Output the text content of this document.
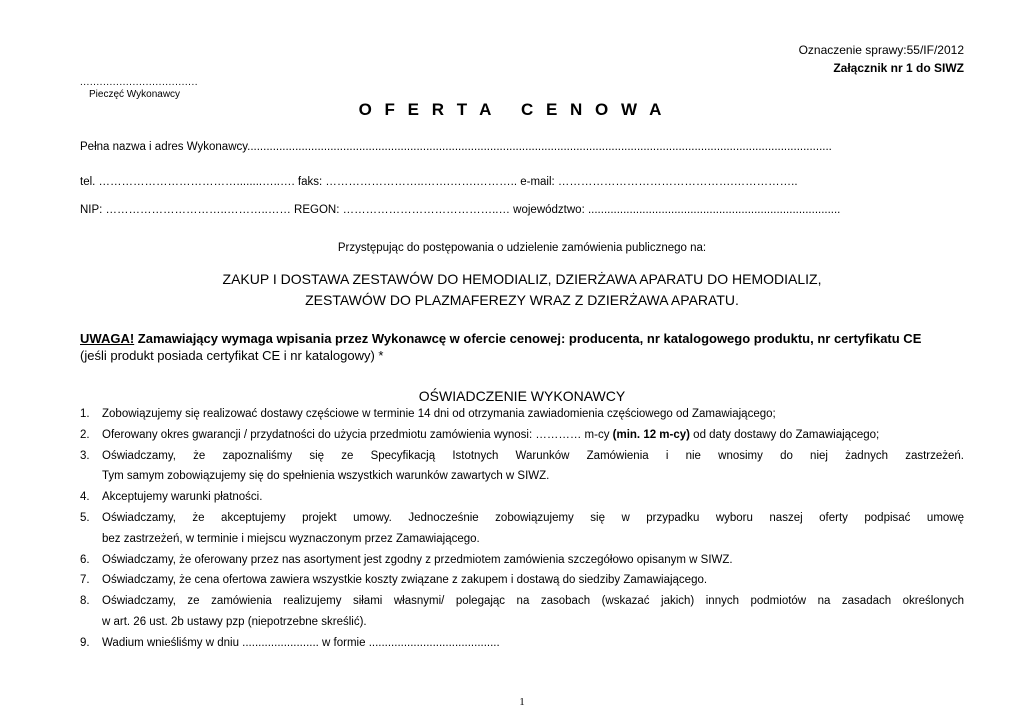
Oznaczenie sprawy:55/IF/2012
Załącznik nr 1 do SIWZ
....................................
Pieczęć Wykonawcy
O F E R T A   C E N O W A
Pełna nazwa i adres Wykonawcy.......................................................................................................................................................................................
tel. ………………………………........…..…. faks: ……………………..…….…….……….. e-mail: ……………………………………….……………..
NIP: …………………………..………..…… REGON: …………………………………..… województwo: ...............................................................................
Przystępując do postępowania o udzielenie zamówienia publicznego na:
ZAKUP I DOSTAWA ZESTAWÓW DO HEMODIALIZ, DZIERŻAWA APARATU DO HEMODIALIZ,
ZESTAWÓW DO PLAZMAFEREZY WRAZ Z DZIERŻAWA APARATU.
UWAGA! Zamawiający wymaga wpisania przez Wykonawcę w ofercie cenowej: producenta, nr katalogowego produktu, nr certyfikatu CE
(jeśli produkt posiada certyfikat CE i nr katalogowy) *
OŚWIADCZENIE WYKONAWCY
1. Zobowiązujemy się realizować dostawy częściowe w terminie 14 dni od otrzymania zawiadomienia częściowego od Zamawiającego;
2. Oferowany okres gwarancji / przydatności do użycia przedmiotu zamówienia wynosi: ………… m-cy (min. 12 m-cy) od daty dostawy do Zamawiającego;
3. Oświadczamy, że zapoznaliśmy się ze Specyfikacją Istotnych Warunków Zamówienia i nie wnosimy do niej żadnych zastrzeżeń.
Tym samym zobowiązujemy się do spełnienia wszystkich warunków zawartych w SIWZ.
4. Akceptujemy warunki płatności.
5. Oświadczamy, że akceptujemy projekt umowy. Jednocześnie zobowiązujemy się w przypadku wyboru naszej oferty podpisać umowę
bez zastrzeżeń, w terminie i miejscu wyznaczonym przez Zamawiającego.
6. Oświadczamy, że oferowany przez nas asortyment jest zgodny z przedmiotem zamówienia szczegółowo opisanym w SIWZ.
7. Oświadczamy, że cena ofertowa zawiera wszystkie koszty związane z zakupem i dostawą do siedziby Zamawiającego.
8. Oświadczamy, ze zamówienia realizujemy siłami własnymi/ polegając na zasobach (wskazać jakich) innych podmiotów na zasadach określonych
w art. 26 ust. 2b ustawy pzp (niepotrzebne skreślić).
9. Wadium wnieśliśmy w dniu ........................ w formie .........................................
1
